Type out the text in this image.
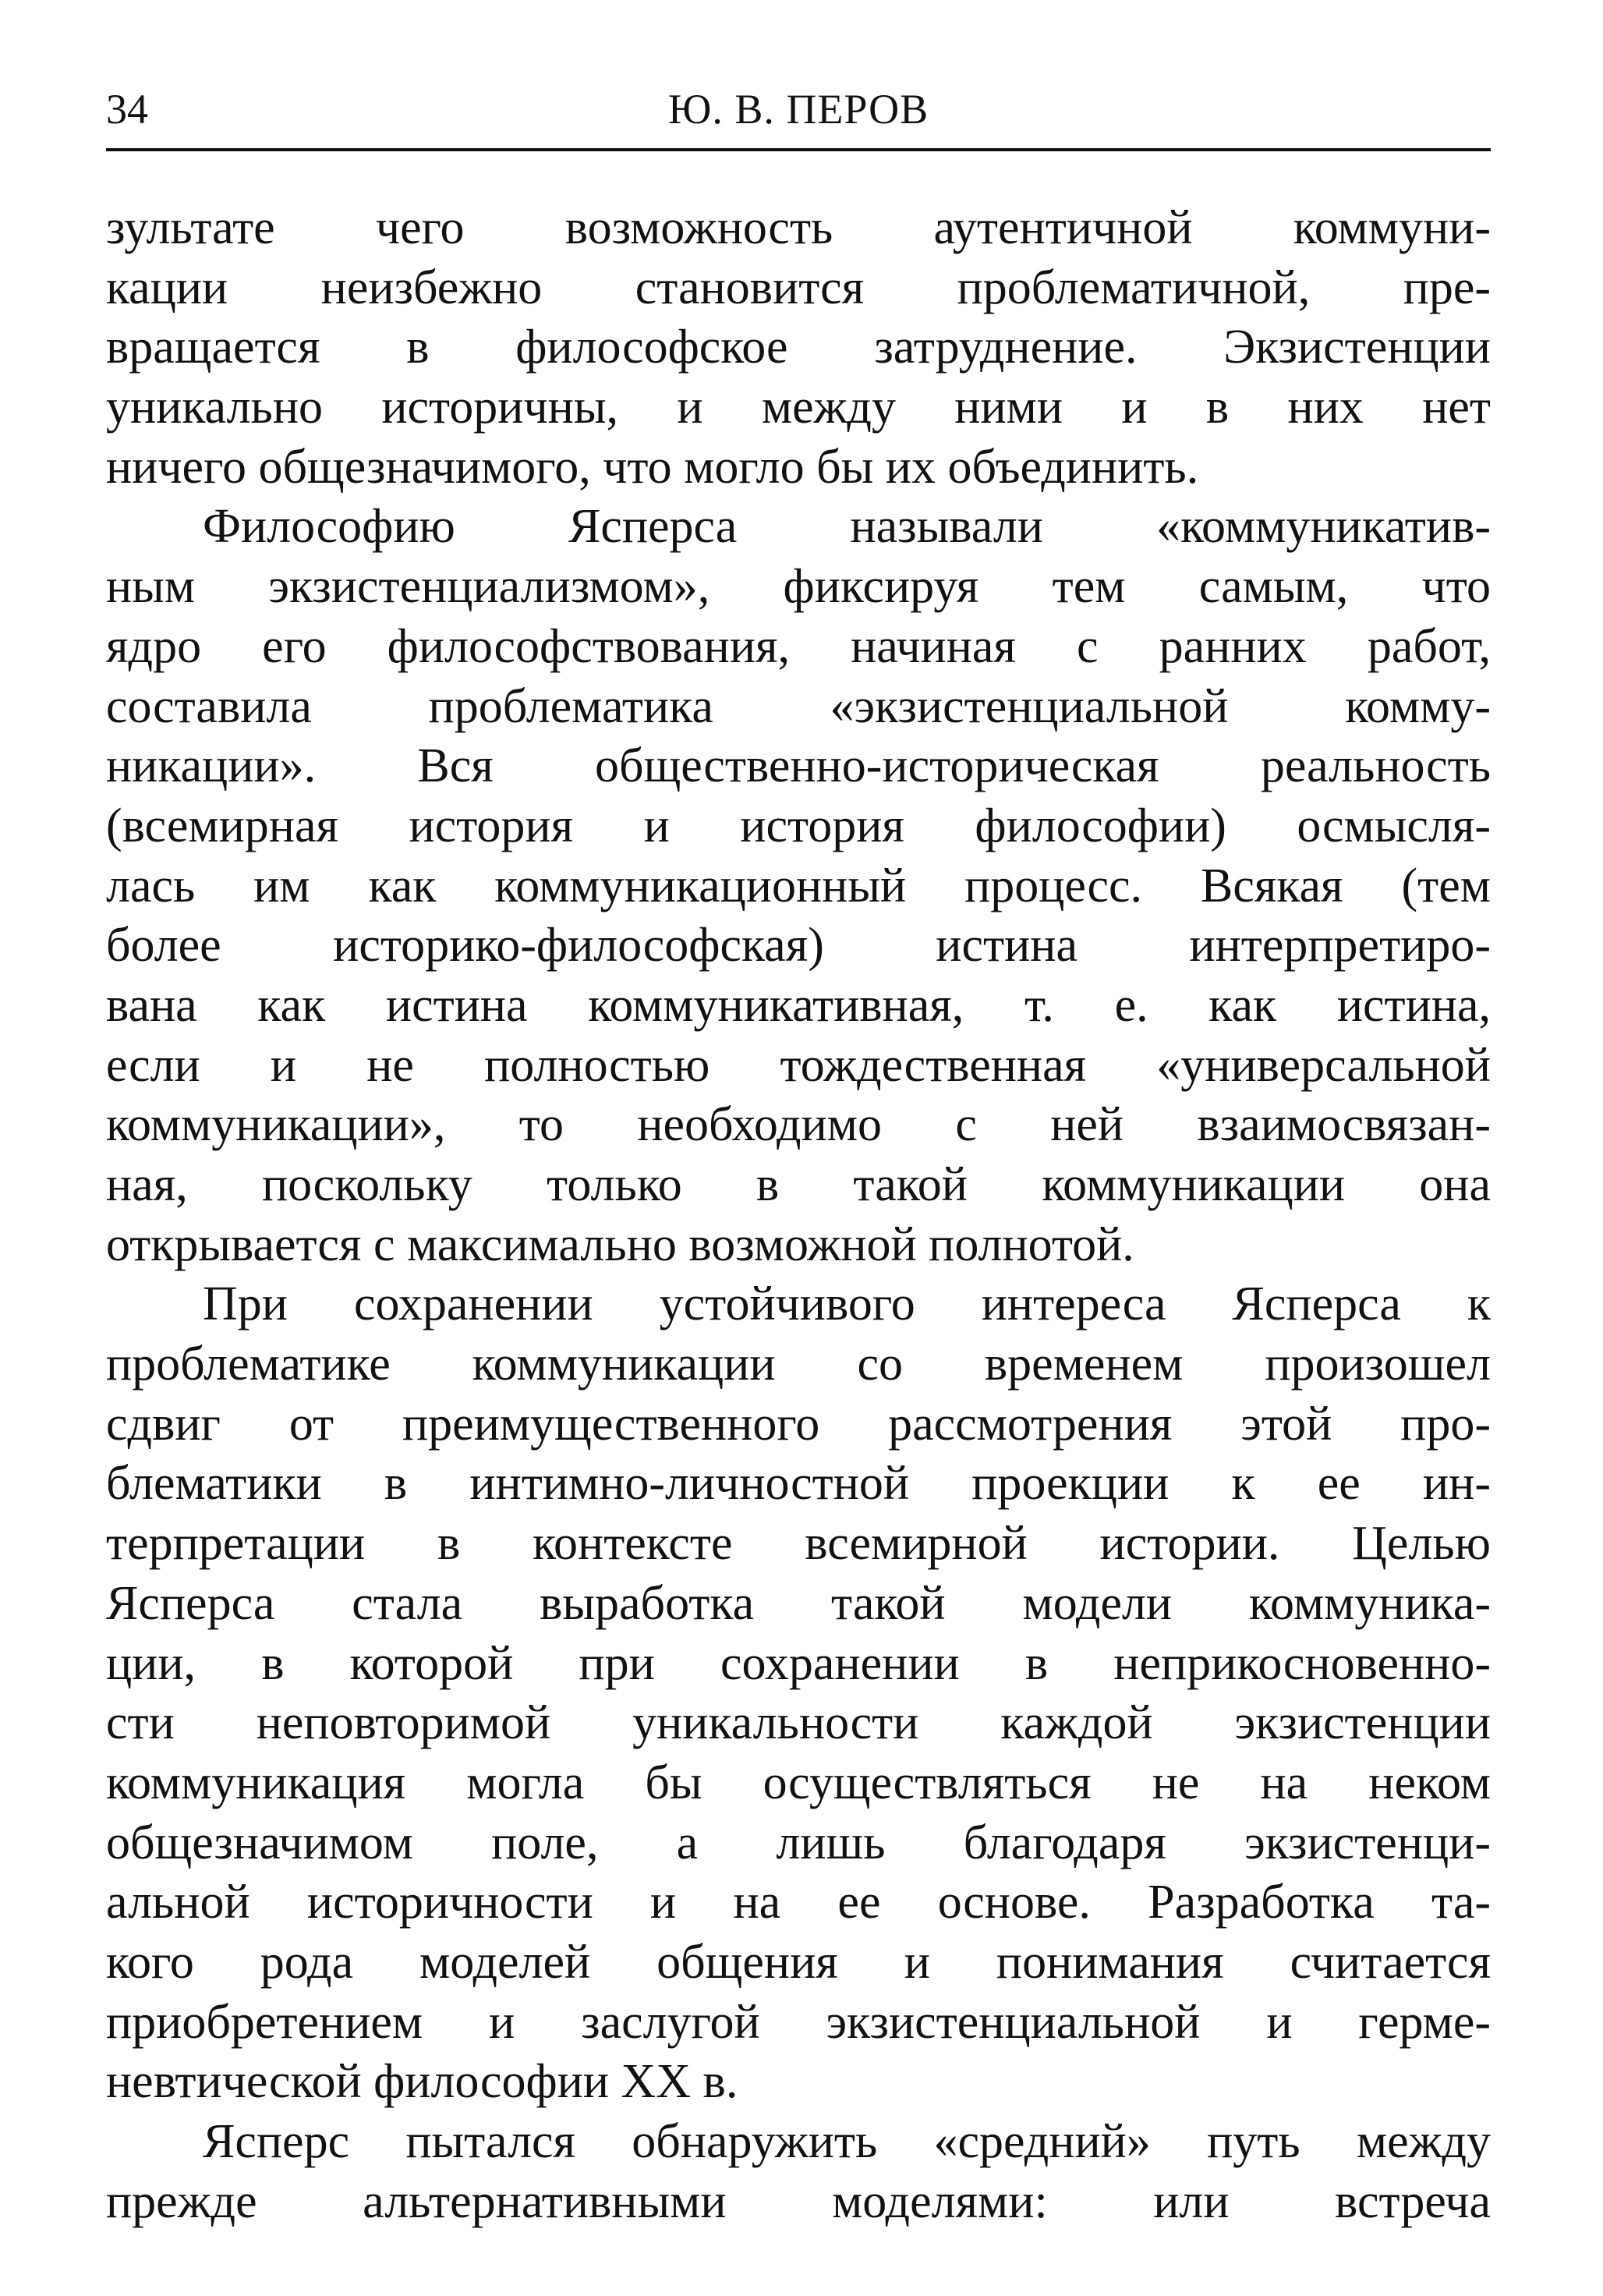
34	Ю. В. ПЕРОВ
зультате чего возможность аутентичной коммуни-
кации неизбежно становится проблематичной, пре-
вращается в философское затруднение. Экзистенции
уникально историчны, и между ними и в них нет
ничего общезначимого, что могло бы их объединить.
Философию Ясперса называли «коммуникатив-
ным экзистенциализмом», фиксируя тем самым, что
ядро его философствования, начиная с ранних работ,
составила проблематика «экзистенциальной комму-
никации». Вся общественно-историческая реальность
(всемирная история и история философии) осмысля-
лась им как коммуникационный процесс. Всякая (тем
более историко-философская) истина интерпретиро-
вана как истина коммуникативная, т. е. как истина,
если и не полностью тождественная «универсальной
коммуникации», то необходимо с ней взаимосвязан-
ная, поскольку только в такой коммуникации она
открывается с максимально возможной полнотой.
При сохранении устойчивого интереса Ясперса к
проблематике коммуникации со временем произошел
сдвиг от преимущественного рассмотрения этой про-
блематики в интимно-личностной проекции к ее ин-
терпретации в контексте всемирной истории. Целью
Ясперса стала выработка такой модели коммуника-
ции, в которой при сохранении в неприкосновенно-
сти неповторимой уникальности каждой экзистенции
коммуникация могла бы осуществляться не на неком
общезначимом поле, а лишь благодаря экзистенци-
альной историчности и на ее основе. Разработка та-
кого рода моделей общения и понимания считается
приобретением и заслугой экзистенциальной и герме-
невтической философии XX в.
Ясперс пытался обнаружить «средний» путь между
прежде альтернативными моделями: или встреча
